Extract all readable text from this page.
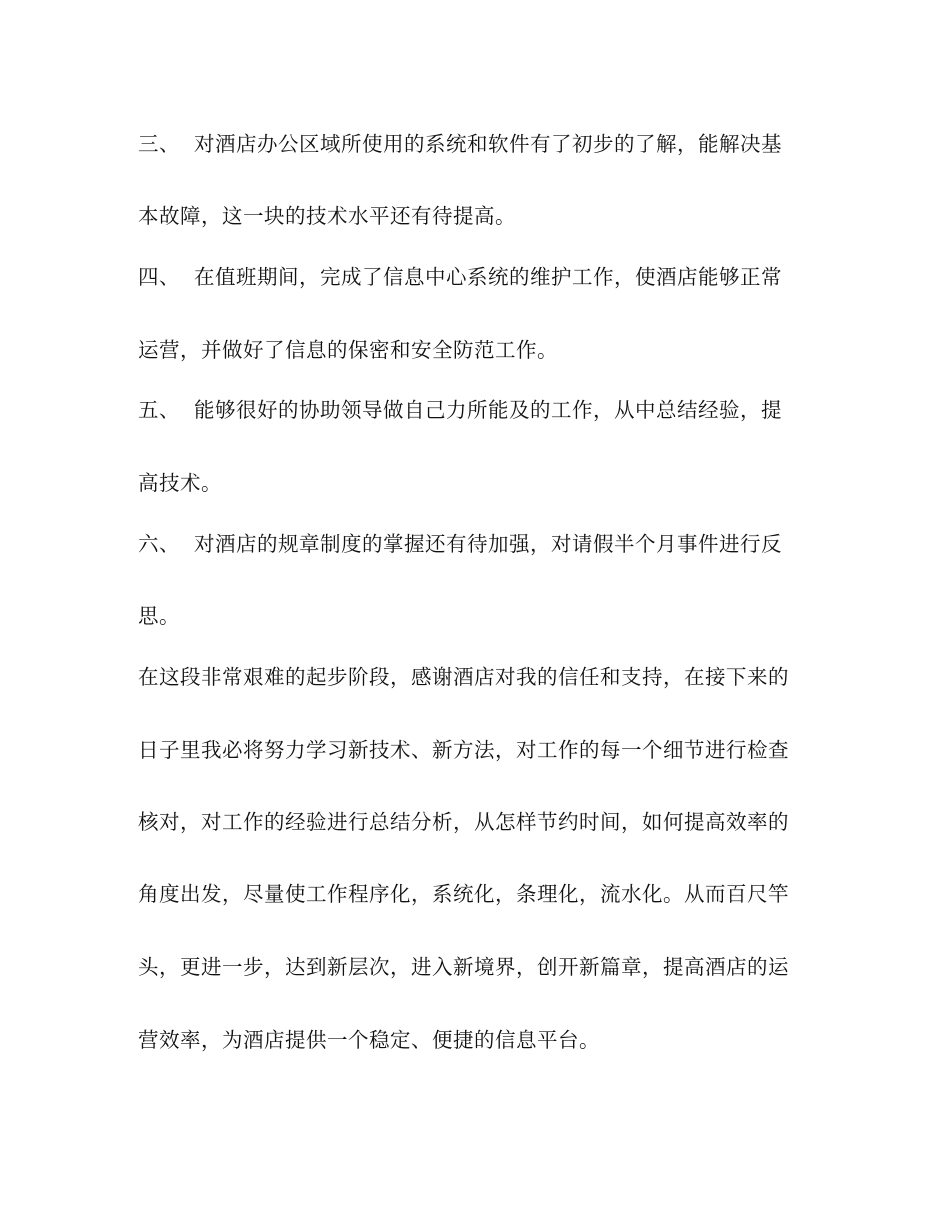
三、 对酒店办公区域所使用的系统和软件有了初步的了解，能解决基
本故障，这一块的技术水平还有待提高。
四、 在值班期间，完成了信息中心系统的维护工作，使酒店能够正常
运营，并做好了信息的保密和安全防范工作。
五、 能够很好的协助领导做自己力所能及的工作，从中总结经验，提
高技术。
六、 对酒店的规章制度的掌握还有待加强，对请假半个月事件进行反
思。
在这段非常艰难的起步阶段，感谢酒店对我的信任和支持，在接下来的
日子里我必将努力学习新技术、新方法，对工作的每一个细节进行检查
核对，对工作的经验进行总结分析，从怎样节约时间，如何提高效率的
角度出发，尽量使工作程序化，系统化，条理化，流水化。从而百尺竿
头，更进一步，达到新层次，进入新境界，创开新篇章，提高酒店的运
营效率，为酒店提供一个稳定、便捷的信息平台。
